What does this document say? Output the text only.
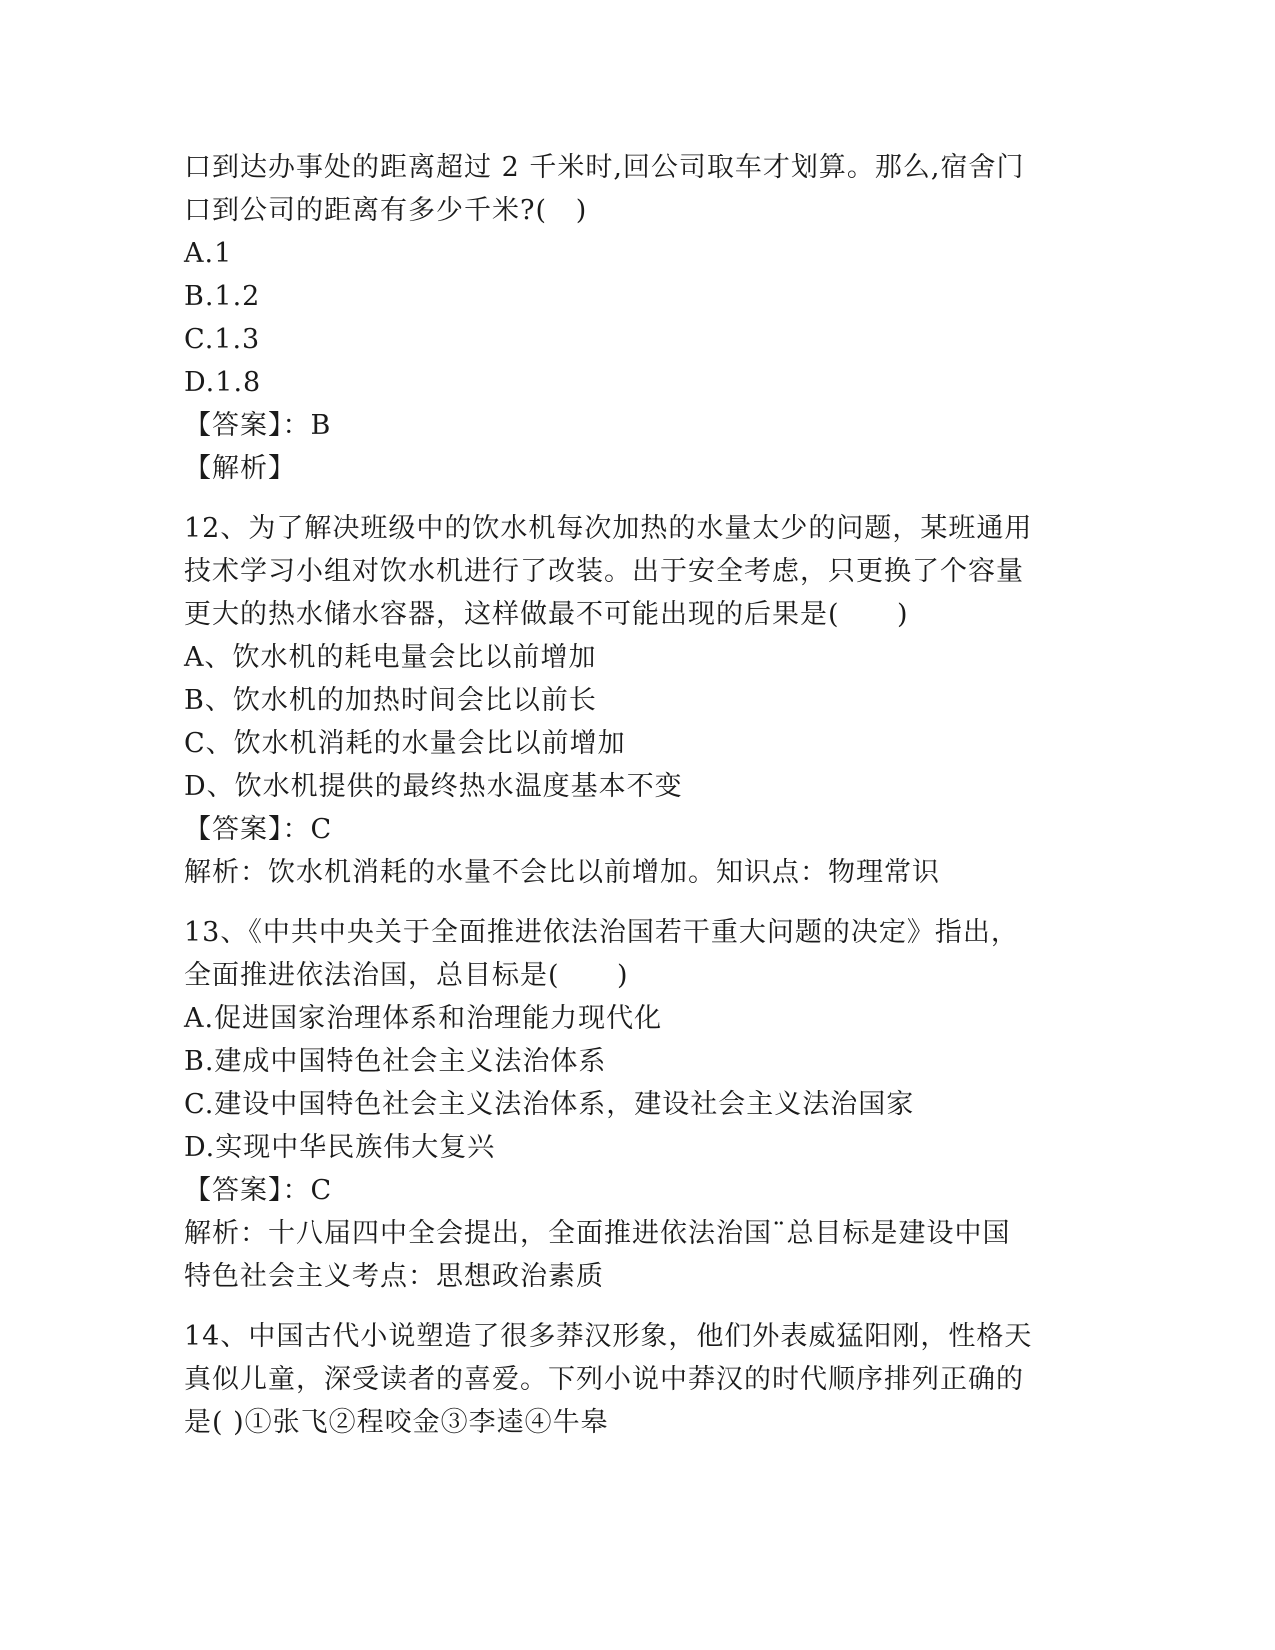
口到达办事处的距离超过 2 千米时,回公司取车才划算。那么,宿舍门
口到公司的距离有多少千米?(   )
A.1
B.1.2
C.1.3
D.1.8
【答案】：B
【解析】
12、为了解决班级中的饮水机每次加热的水量太少的问题，某班通用
技术学习小组对饮水机进行了改装。出于安全考虑，只更换了个容量
更大的热水储水容器，这样做最不可能出现的后果是(      )
A、饮水机的耗电量会比以前增加
B、饮水机的加热时间会比以前长
C、饮水机消耗的水量会比以前增加
D、饮水机提供的最终热水温度基本不变
【答案】：C
解析：饮水机消耗的水量不会比以前增加。知识点：物理常识
13、《中共中央关于全面推进依法治国若干重大问题的决定》指出，
全面推进依法治国，总目标是(      )
A.促进国家治理体系和治理能力现代化
B.建成中国特色社会主义法治体系
C.建设中国特色社会主义法治体系，建设社会主义法治国家
D.实现中华民族伟大复兴
【答案】：C
解析：十八届四中全会提出，全面推进依法治国¨总目标是建设中国
特色社会主义考点：思想政治素质
14、中国古代小说塑造了很多莽汉形象，他们外表威猛阳刚，性格天
真似儿童，深受读者的喜爱。下列小说中莽汉的时代顺序排列正确的
是( )①张飞②程咬金③李逵④牛皋
